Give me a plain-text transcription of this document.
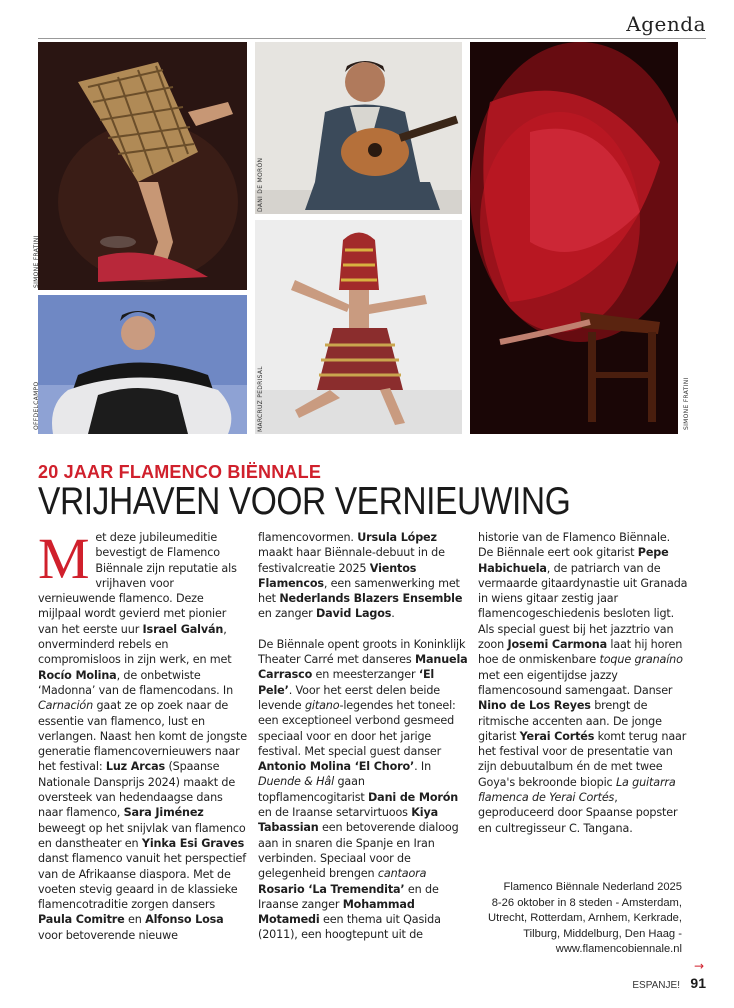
Agenda
SIMONE FRATINI
DANI DE MORÓN
OFFDELCAMPO	MARCRUZ PEDRISAL	SIMONE FRATINI
20 JAAR FLAMENCO BIËNNALE
VRIJHAVEN VOOR VERNIEUWING

Met deze jubileumeditie bevestigt de Flamenco Biënnale zijn reputatie als vrijhaven voor vernieuwende flamenco. Deze mijlpaal wordt gevierd met pionier van het eerste uur Israel Galván, onverminderd rebels en compromisloos in zijn werk, en met Rocío Molina, de onbetwiste ‘Madonna’ van de flamencodans. In Carnación gaat ze op zoek naar de essentie van flamenco, lust en verlangen. Naast hen komt de jongste generatie flamencovernieuwers naar het festival: Luz Arcas (Spaanse Nationale Dansprijs 2024) maakt de oversteek van hedendaagse dans naar flamenco, Sara Jiménez beweegt op het snijvlak van flamenco en danstheater en Yinka Esi Graves danst flamenco vanuit het perspectief van de Afrikaanse diaspora. Met de voeten stevig geaard in de klassieke flamencotraditie zorgen dansers Paula Comitre en Alfonso Losa voor betoverende nieuwe

flamencovormen. Ursula López maakt haar Biënnale-debuut in de festivalcreatie 2025 Vientos Flamencos, een samenwerking met het Nederlands Blazers Ensemble en zanger David Lagos.

De Biënnale opent groots in Koninklijk Theater Carré met danseres Manuela Carrasco en meesterzanger ‘El Pele’. Voor het eerst delen beide levende gitano-legendes het toneel: een exceptioneel verbond gesmeed speciaal voor en door het jarige festival. Met special guest danser Antonio Molina ‘El Choro’. In Duende & Hâl gaan topflamencogitarist Dani de Morón en de Iraanse setarvirtuoos Kiya Tabassian een betoverende dialoog aan in snaren die Spanje en Iran verbinden. Speciaal voor de gelegenheid brengen cantaora Rosario ‘La Tremendita’ en de Iraanse zanger Mohammad Motamedi een thema uit Qasida (2011), een hoogtepunt uit de

historie van de Flamenco Biënnale. De Biënnale eert ook gitarist Pepe Habichuela, de patriarch van de vermaarde gitaardynastie uit Granada in wiens gitaar zestig jaar flamencogeschiedenis besloten ligt. Als special guest bij het jazztrio van zoon Josemi Carmona laat hij horen hoe de onmiskenbare toque granaíno met een eigentijdse jazzy flamencosound samengaat. Danser Nino de Los Reyes brengt de ritmische accenten aan. De jonge gitarist Yerai Cortés komt terug naar het festival voor de presentatie van zijn debuutalbum én de met twee Goya's bekroonde biopic La guitarra flamenca de Yerai Cortés, geproduceerd door Spaanse popster en cultregisseur C. Tangana.

Flamenco Biënnale Nederland 2025
8-26 oktober in 8 steden - Amsterdam,
Utrecht, Rotterdam, Arnhem, Kerkrade,
Tilburg, Middelburg, Den Haag -
www.flamencobiennale.nl
→
ESPANJE! 91
